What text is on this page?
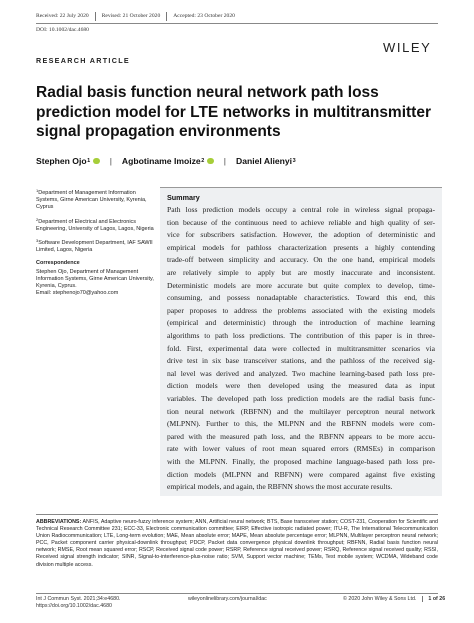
Received: 22 July 2020	Revised: 21 October 2020	Accepted: 23 October 2020
DOI: 10.1002/dac.4680
WILEY
RESEARCH ARTICLE
Radial basis function neural network path loss prediction model for LTE networks in multitransmitter signal propagation environments
Stephen Ojo 1 | Agbotiname Imoize 2 | Daniel Alienyi 3

$^1$Department of Management Information Systems, Girne American University, Kyrenia, Cyprus

$^2$Department of Electrical and Electronics Engineering, University of Lagos, Lagos, Nigeria

$^3$Software Development Department, IAF SAWII Limited, Lagos, Nigeria

Correspondence

Stephen Ojo, Department of Management Information Systems, Girne American University, Kyrenia, Cyprus.

Email: stephenojo70@yahoo.com

Summary
Path loss prediction models occupy a central role in wireless signal propaga-
tion because of the continuous need to achieve reliable and high quality of ser-
vice for subscribers satisfaction. However, the adoption of deterministic and
empirical models for pathloss characterization presents a highly contending
trade-off between simplicity and accuracy. On the one hand, empirical models
are relatively simple to apply but are mostly inaccurate and inconsistent.
Deterministic models are more accurate but quite complex to develop, time-
consuming, and possess nonadaptable characteristics. Toward this end, this
paper proposes to address the problems associated with the existing models
(empirical and deterministic) through the introduction of machine learning
algorithms to path loss predictions. The contribution of this paper is in three-
fold. First, experimental data were collected in multitransmitter scenarios via
drive test in six base transceiver stations, and the pathloss of the received sig-
nal level was derived and analyzed. Two machine learning-based path loss pre-
diction models were then developed using the measured data as input
variables. The developed path loss prediction models are the radial basis func-
tion neural network (RBFNN) and the multilayer perceptron neural network
(MLPNN). Further to this, the MLPNN and the RBFNN models were com-
pared with the measured path loss, and the RBFNN appears to be more accu-
rate with lower values of root mean squared errors (RMSEs) in comparison
with the MLPNN. Finally, the proposed machine language-based path loss pre-
diction models (MLPNN and RBFNN) were compared against five existing
empirical models, and again, the RBFNN shows the most accurate results.
ABBREVIATIONS: ANFIS, Adaptive neuro-fuzzy inference system; ANN, Artificial neural network; BTS, Base transceiver station; COST-231, Cooperation for Scientific and Technical Research Committee 231; ECC-33, Electronic communication committee; EIRP, Effective isotropic radiated power; ITU-R, The International Telecommunication Union Radiocommunication; LTE, Long-term evolution; MAE, Mean absolute error; MAPE, Mean absolute percentage error; MLPNN, Multilayer perceptron neural network; PCC, Packet component carrier physical-downlink throughput; PDCP, Packet data convergence physical downlink throughput; RBFNN, Radial basis function neural network; RMSE, Root mean squared error; RSCP, Received signal code power; RSRP, Reference signal received power; RSRQ, Reference signal received quality; RSSI, Received signal strength indicator; SINR, Signal-to-interference-plus-noise ratio; SVM, Support vector machine; TEMs, Test mobile system; WCDMA, Wideband code division multiple access.
Int J Commun Syst. 2021;34:e4680.
https://doi.org/10.1002/dac.4680
wileyonlinelibrary.com/journal/dac	© 2020 John Wiley & Sons Ltd.	1 of 26
